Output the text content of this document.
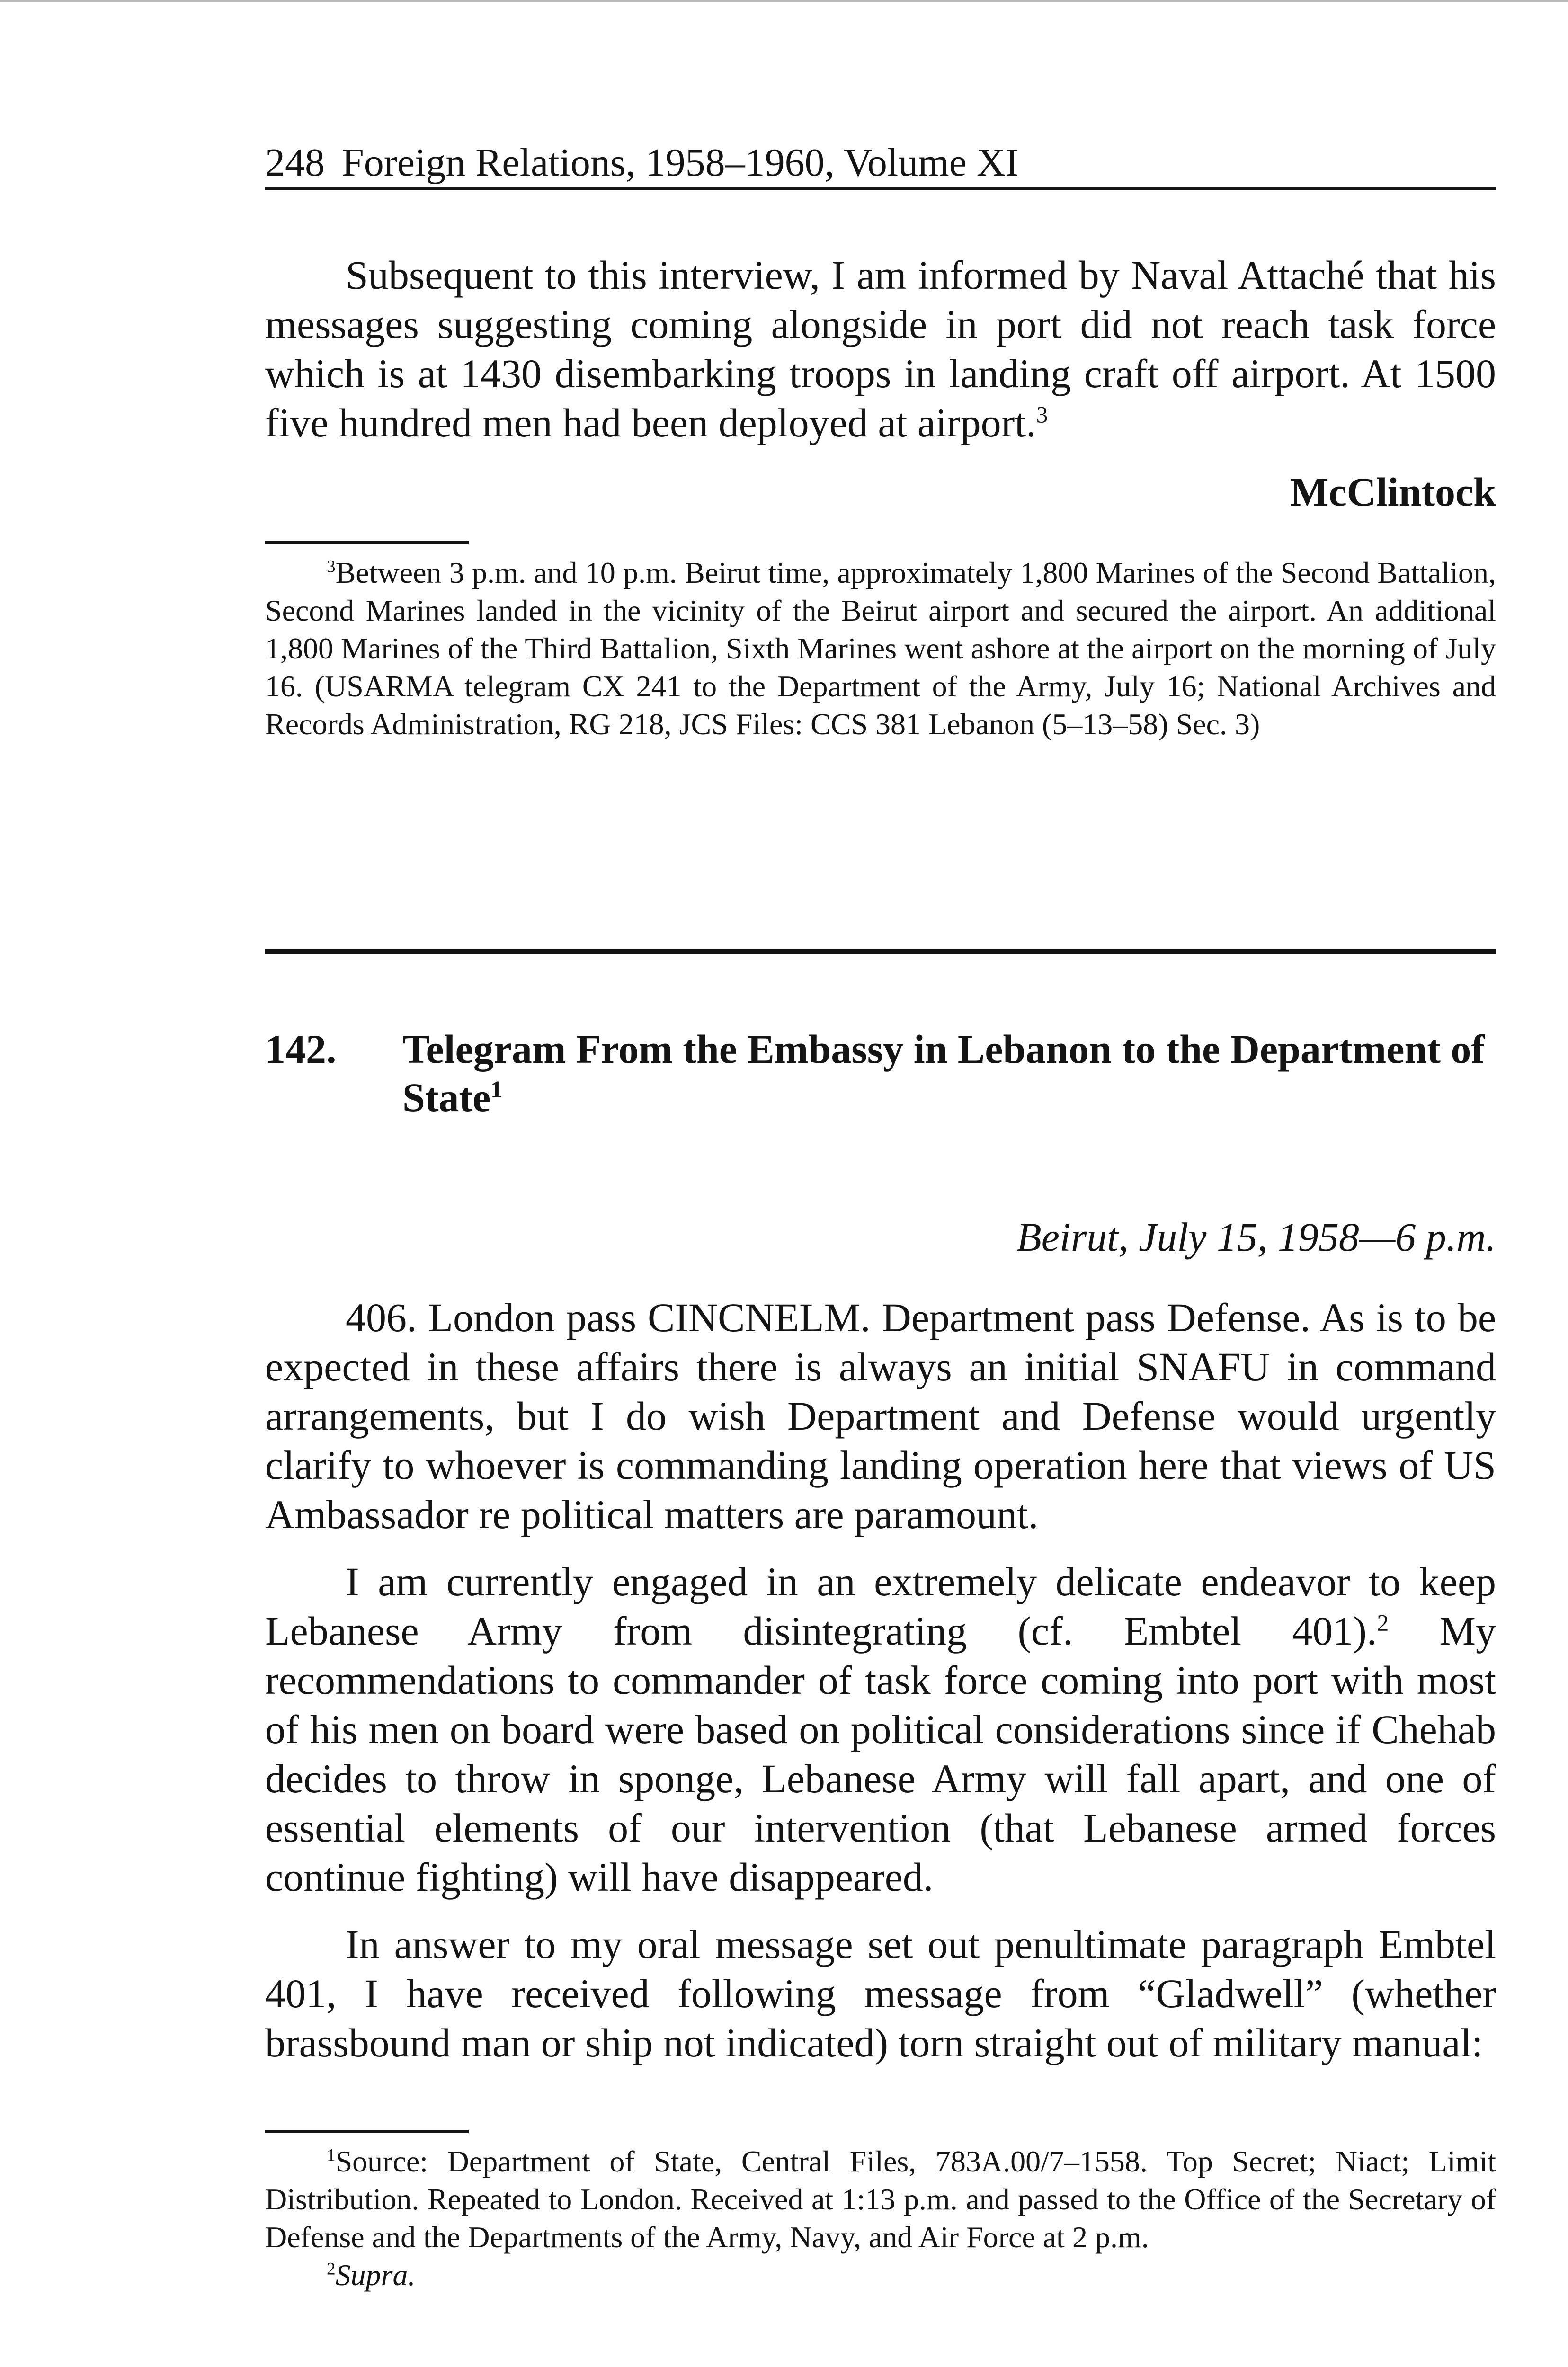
248 Foreign Relations, 1958–1960, Volume XI

Subsequent to this interview, I am informed by Naval Attaché that his messages suggesting coming alongside in port did not reach task force which is at 1430 disembarking troops in landing craft off airport. At 1500 five hundred men had been deployed at airport.$^3$

McClintock

$^3$Between 3 p.m. and 10 p.m. Beirut time, approximately 1,800 Marines of the Second Battalion, Second Marines landed in the vicinity of the Beirut airport and secured the airport. An additional 1,800 Marines of the Third Battalion, Sixth Marines went ashore at the airport on the morning of July 16. (USARMA telegram CX 241 to the Department of the Army, July 16; National Archives and Records Administration, RG 218, JCS Files: CCS 381 Lebanon (5–13–58) Sec. 3)

142.	Telegram From the Embassy in Lebanon to the Department of State$^1$
Beirut, July 15, 1958—6 p.m.

406. London pass CINCNELM. Department pass Defense. As is to be expected in these affairs there is always an initial SNAFU in command arrangements, but I do wish Department and Defense would urgently clarify to whoever is commanding landing operation here that views of US Ambassador re political matters are paramount.

I am currently engaged in an extremely delicate endeavor to keep Lebanese Army from disintegrating (cf. Embtel 401).$^2$ My recommendations to commander of task force coming into port with most of his men on board were based on political considerations since if Chehab decides to throw in sponge, Lebanese Army will fall apart, and one of essential elements of our intervention (that Lebanese armed forces continue fighting) will have disappeared.

In answer to my oral message set out penultimate paragraph Embtel 401, I have received following message from “Gladwell” (whether brassbound man or ship not indicated) torn straight out of military manual:

$^1$Source: Department of State, Central Files, 783A.00/7–1558. Top Secret; Niact; Limit Distribution. Repeated to London. Received at 1:13 p.m. and passed to the Office of the Secretary of Defense and the Departments of the Army, Navy, and Air Force at 2 p.m.

$^2$Supra.
